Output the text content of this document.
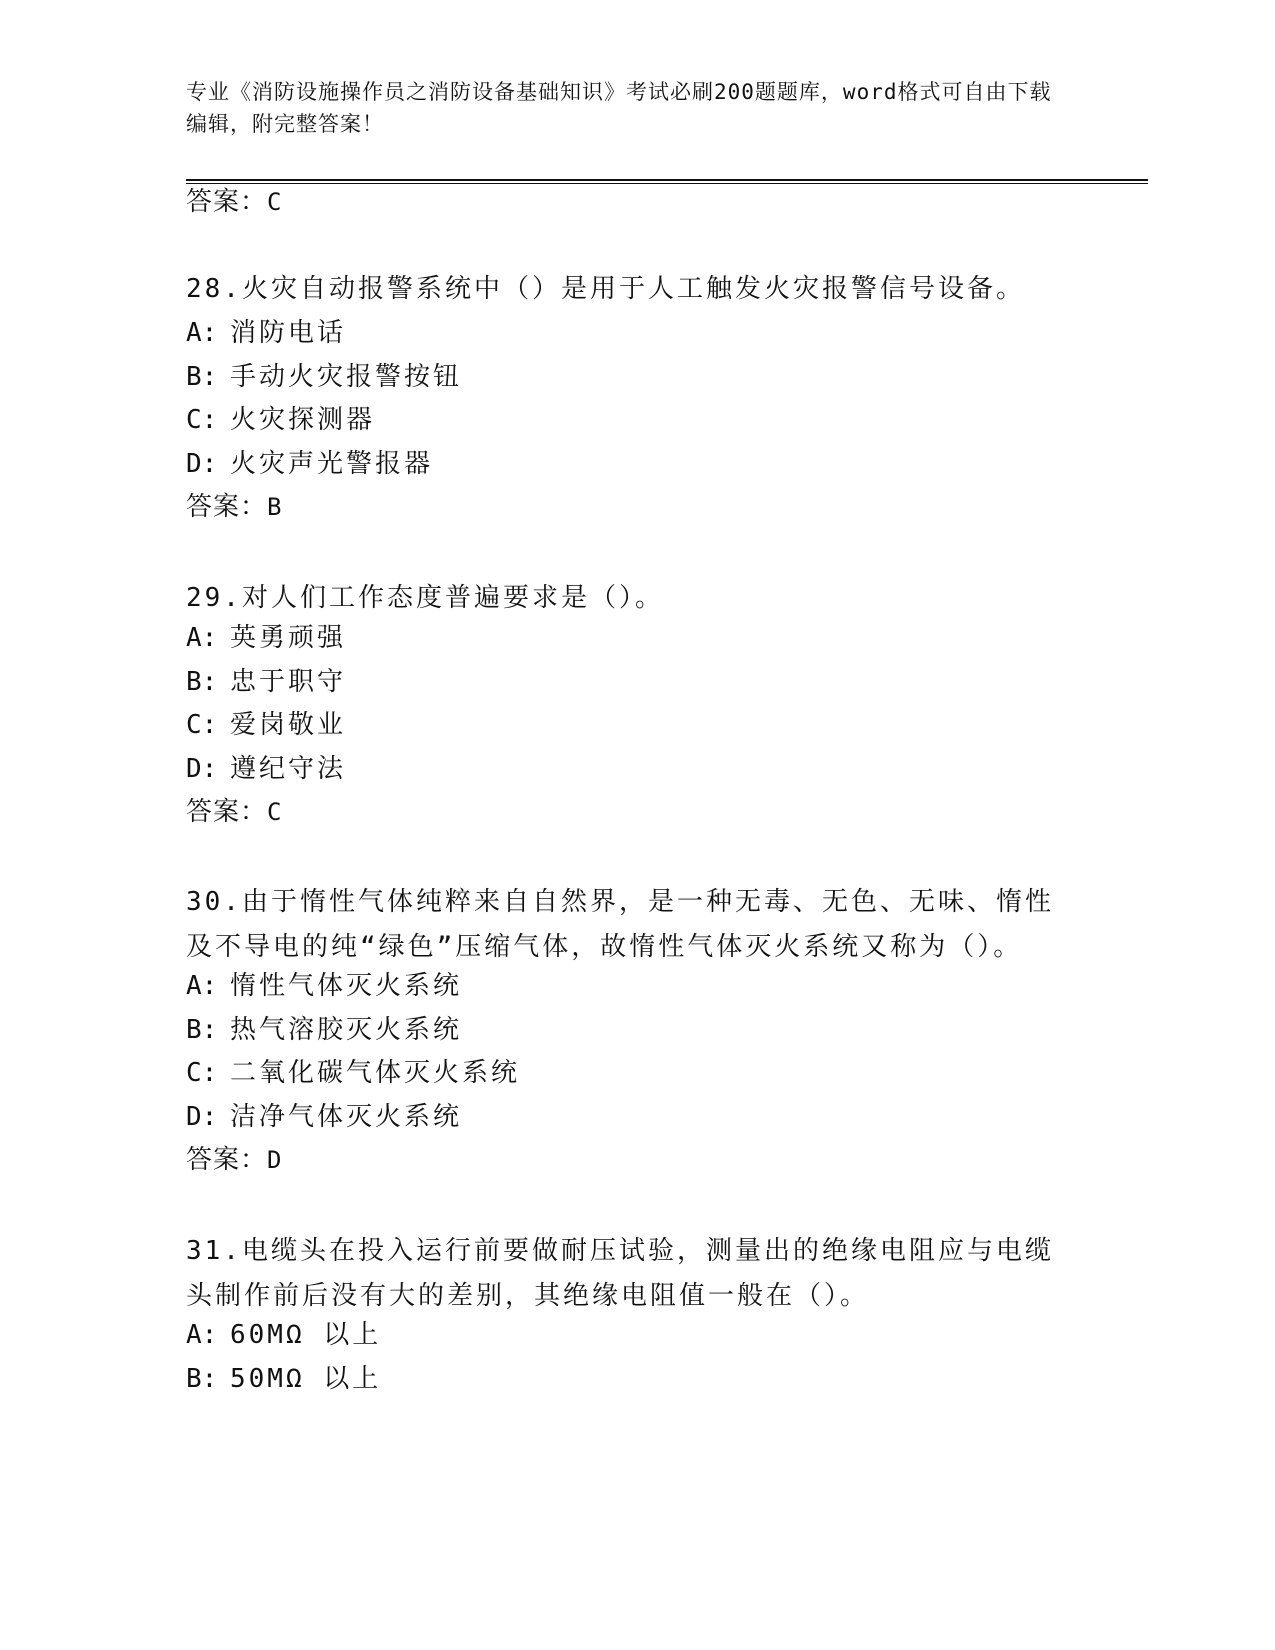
专业《消防设施操作员之消防设备基础知识》考试必刷200题题库，word格式可自由下载编辑，附完整答案！
答案：C
28.火灾自动报警系统中（）是用于人工触发火灾报警信号设备。
A: 消防电话
B: 手动火灾报警按钮
C: 火灾探测器
D: 火灾声光警报器
答案：B
29.对人们工作态度普遍要求是（）。
A: 英勇顽强
B: 忠于职守
C: 爱岗敬业
D: 遵纪守法
答案：C
30.由于惰性气体纯粹来自自然界，是一种无毒、无色、无味、惰性及不导电的纯“绿色”压缩气体，故惰性气体灭火系统又称为（）。
A: 惰性气体灭火系统
B: 热气溶胶灭火系统
C: 二氧化碳气体灭火系统
D: 洁净气体灭火系统
答案：D
31.电缆头在投入运行前要做耐压试验，测量出的绝缘电阻应与电缆头制作前后没有大的差别，其绝缘电阻值一般在（）。
A: 60MΩ 以上
B: 50MΩ 以上
